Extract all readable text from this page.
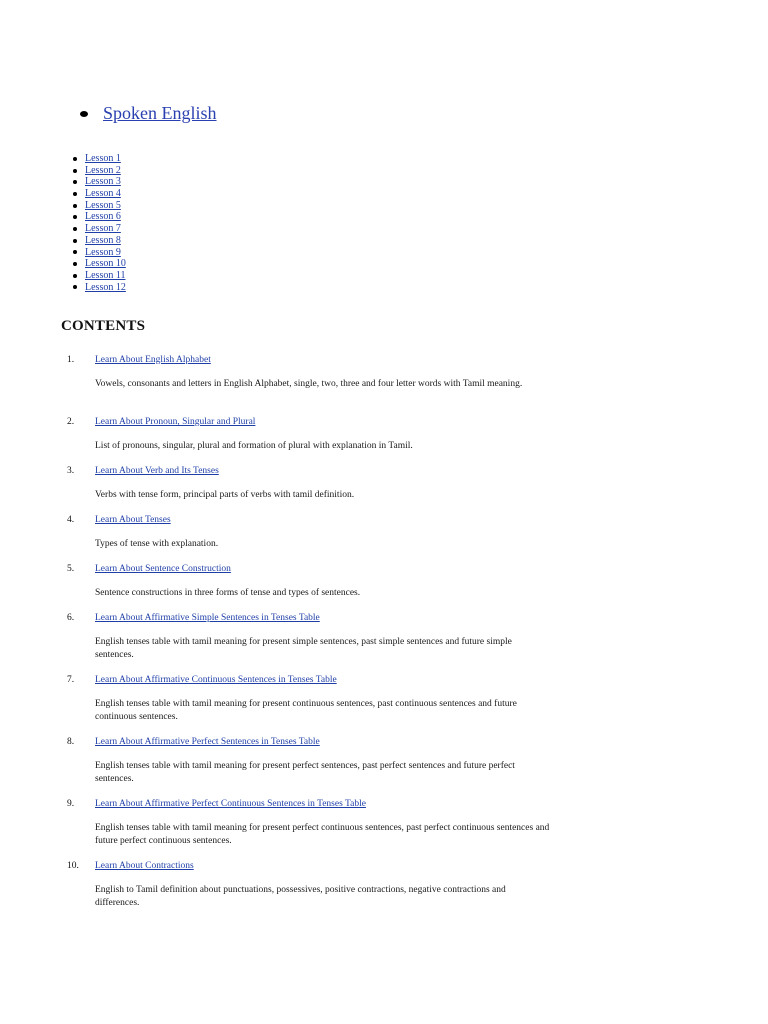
Spoken English
Lesson 1
Lesson 2
Lesson 3
Lesson 4
Lesson 5
Lesson 6
Lesson 7
Lesson 8
Lesson 9
Lesson 10
Lesson 11
Lesson 12
CONTENTS
1. Learn About English Alphabet

Vowels, consonants and letters in English Alphabet, single, two, three and four letter words with Tamil meaning.

2. Learn About Pronoun, Singular and Plural

List of pronouns, singular, plural and formation of plural with explanation in Tamil.

3. Learn About Verb and Its Tenses

Verbs with tense form, principal parts of verbs with tamil definition.

4. Learn About Tenses

Types of tense with explanation.

5. Learn About Sentence Construction

Sentence constructions in three forms of tense and types of sentences.

6. Learn About Affirmative Simple Sentences in Tenses Table

English tenses table with tamil meaning for present simple sentences, past simple sentences and future simple sentences.

7. Learn About Affirmative Continuous Sentences in Tenses Table

English tenses table with tamil meaning for present continuous sentences, past continuous sentences and future continuous sentences.

8. Learn About Affirmative Perfect Sentences in Tenses Table

English tenses table with tamil meaning for present perfect sentences, past perfect sentences and future perfect sentences.

9. Learn About Affirmative Perfect Continuous Sentences in Tenses Table

English tenses table with tamil meaning for present perfect continuous sentences, past perfect continuous sentences and future perfect continuous sentences.

10. Learn About Contractions

English to Tamil definition about punctuations, possessives, positive contractions, negative contractions and differences.
